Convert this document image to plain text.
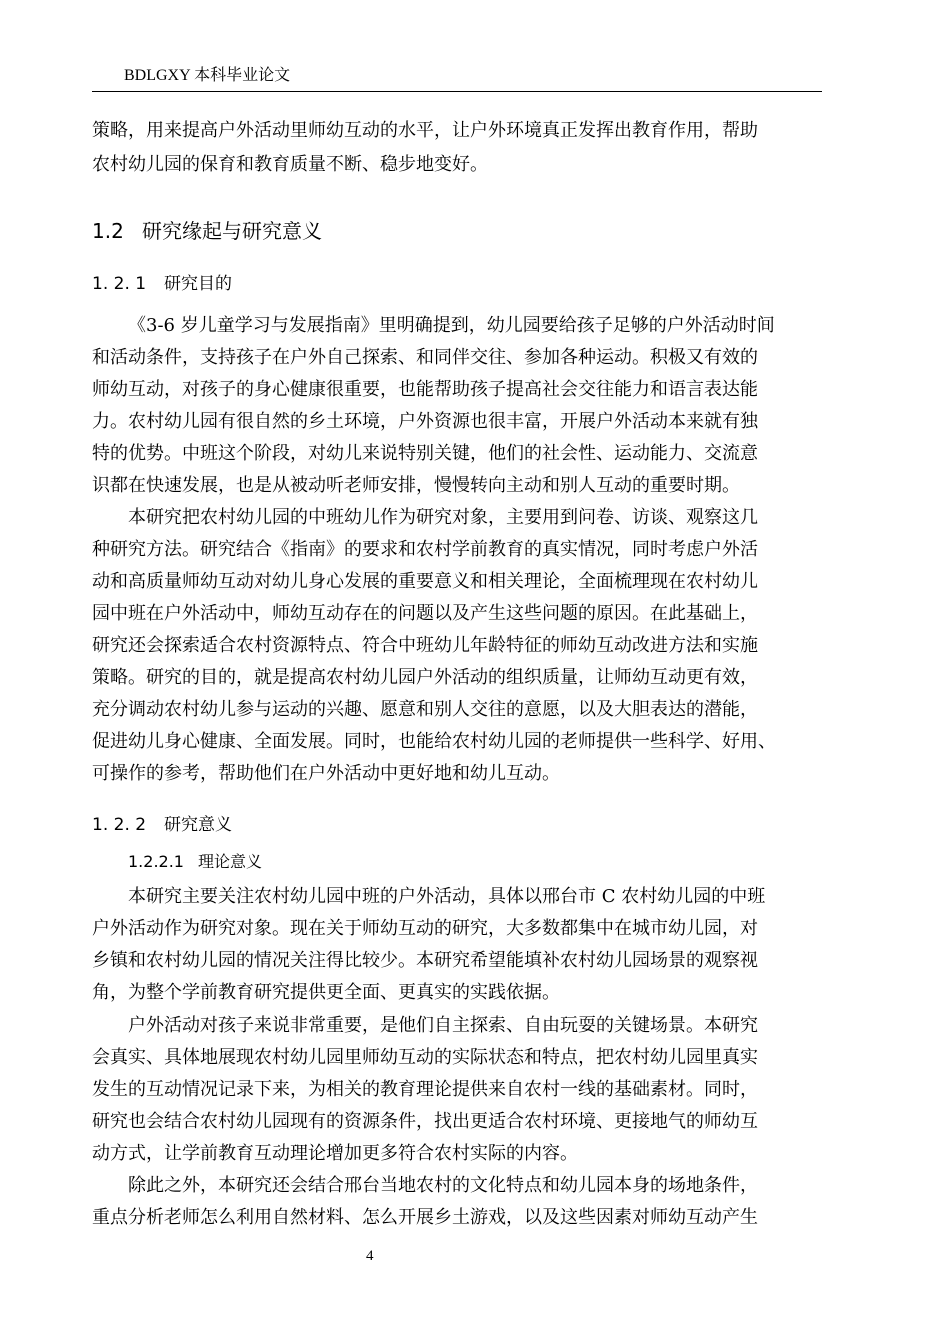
BDLGXY 本科毕业论文
策略，用来提高户外活动里师幼互动的水平，让户外环境真正发挥出教育作用，帮助
农村幼儿园的保育和教育质量不断、稳步地变好。
1.2 研究缘起与研究意义
1. 2. 1 研究目的
《3-6 岁儿童学习与发展指南》里明确提到，幼儿园要给孩子足够的户外活动时间
和活动条件，支持孩子在户外自己探索、和同伴交往、参加各种运动。积极又有效的
师幼互动，对孩子的身心健康很重要，也能帮助孩子提高社会交往能力和语言表达能
力。农村幼儿园有很自然的乡土环境，户外资源也很丰富，开展户外活动本来就有独
特的优势。中班这个阶段，对幼儿来说特别关键，他们的社会性、运动能力、交流意
识都在快速发展，也是从被动听老师安排，慢慢转向主动和别人互动的重要时期。
本研究把农村幼儿园的中班幼儿作为研究对象，主要用到问卷、访谈、观察这几
种研究方法。研究结合《指南》的要求和农村学前教育的真实情况，同时考虑户外活
动和高质量师幼互动对幼儿身心发展的重要意义和相关理论，全面梳理现在农村幼儿
园中班在户外活动中，师幼互动存在的问题以及产生这些问题的原因。在此基础上，
研究还会探索适合农村资源特点、符合中班幼儿年龄特征的师幼互动改进方法和实施
策略。研究的目的，就是提高农村幼儿园户外活动的组织质量，让师幼互动更有效，
充分调动农村幼儿参与运动的兴趣、愿意和别人交往的意愿，以及大胆表达的潜能，
促进幼儿身心健康、全面发展。同时，也能给农村幼儿园的老师提供一些科学、好用、
可操作的参考，帮助他们在户外活动中更好地和幼儿互动。
1. 2. 2 研究意义
1.2.2.1 理论意义
本研究主要关注农村幼儿园中班的户外活动，具体以邢台市 C 农村幼儿园的中班
户外活动作为研究对象。现在关于师幼互动的研究，大多数都集中在城市幼儿园，对
乡镇和农村幼儿园的情况关注得比较少。本研究希望能填补农村幼儿园场景的观察视
角，为整个学前教育研究提供更全面、更真实的实践依据。
户外活动对孩子来说非常重要，是他们自主探索、自由玩耍的关键场景。本研究
会真实、具体地展现农村幼儿园里师幼互动的实际状态和特点，把农村幼儿园里真实
发生的互动情况记录下来，为相关的教育理论提供来自农村一线的基础素材。同时，
研究也会结合农村幼儿园现有的资源条件，找出更适合农村环境、更接地气的师幼互
动方式，让学前教育互动理论增加更多符合农村实际的内容。
除此之外，本研究还会结合邢台当地农村的文化特点和幼儿园本身的场地条件，
重点分析老师怎么利用自然材料、怎么开展乡土游戏，以及这些因素对师幼互动产生
4
